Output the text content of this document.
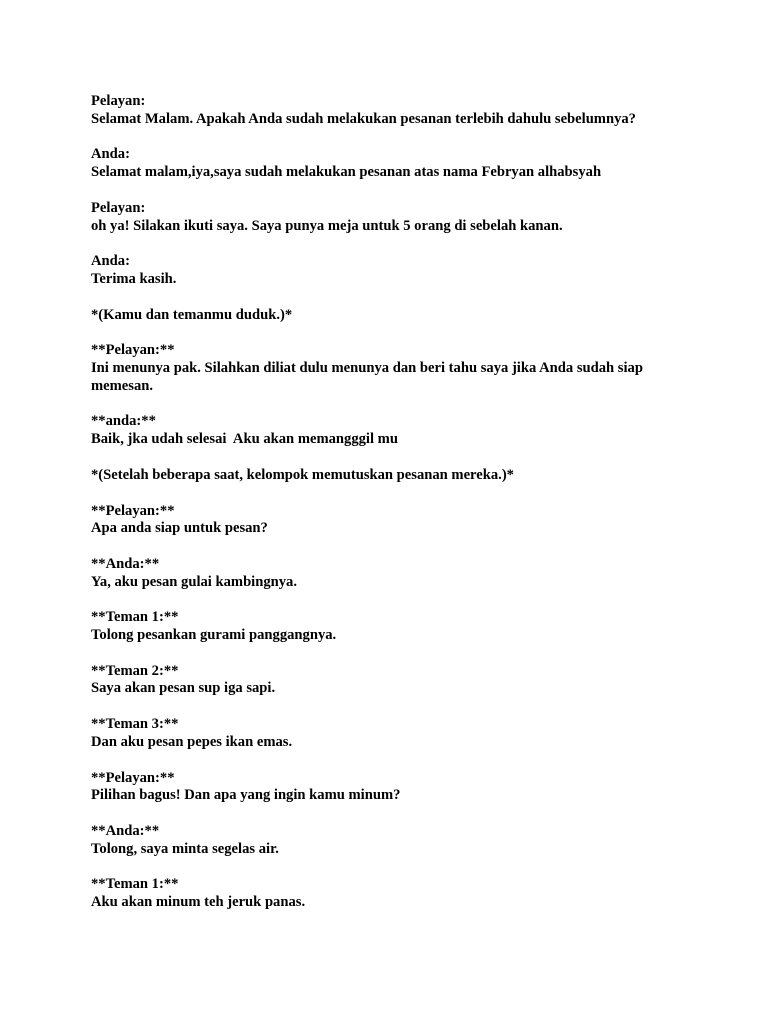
Pelayan:
Selamat Malam. Apakah Anda sudah melakukan pesanan terlebih dahulu sebelumnya?
Anda:
Selamat malam,iya,saya sudah melakukan pesanan atas nama Febryan alhabsyah
Pelayan:
oh ya! Silakan ikuti saya. Saya punya meja untuk 5 orang di sebelah kanan.
Anda:
Terima kasih.
*(Kamu dan temanmu duduk.)*
**Pelayan:**
Ini menunya pak. Silahkan diliat dulu menunya dan beri tahu saya jika Anda sudah siap memesan.
**anda:**
Baik, jka udah selesai  Aku akan memangggil mu
*(Setelah beberapa saat, kelompok memutuskan pesanan mereka.)*
**Pelayan:**
Apa anda siap untuk pesan?
**Anda:**
Ya, aku pesan gulai kambingnya.
**Teman 1:**
Tolong pesankan gurami panggangnya.
**Teman 2:**
Saya akan pesan sup iga sapi.
**Teman 3:**
Dan aku pesan pepes ikan emas.
**Pelayan:**
Pilihan bagus! Dan apa yang ingin kamu minum?
**Anda:**
Tolong, saya minta segelas air.
**Teman 1:**
Aku akan minum teh jeruk panas.
